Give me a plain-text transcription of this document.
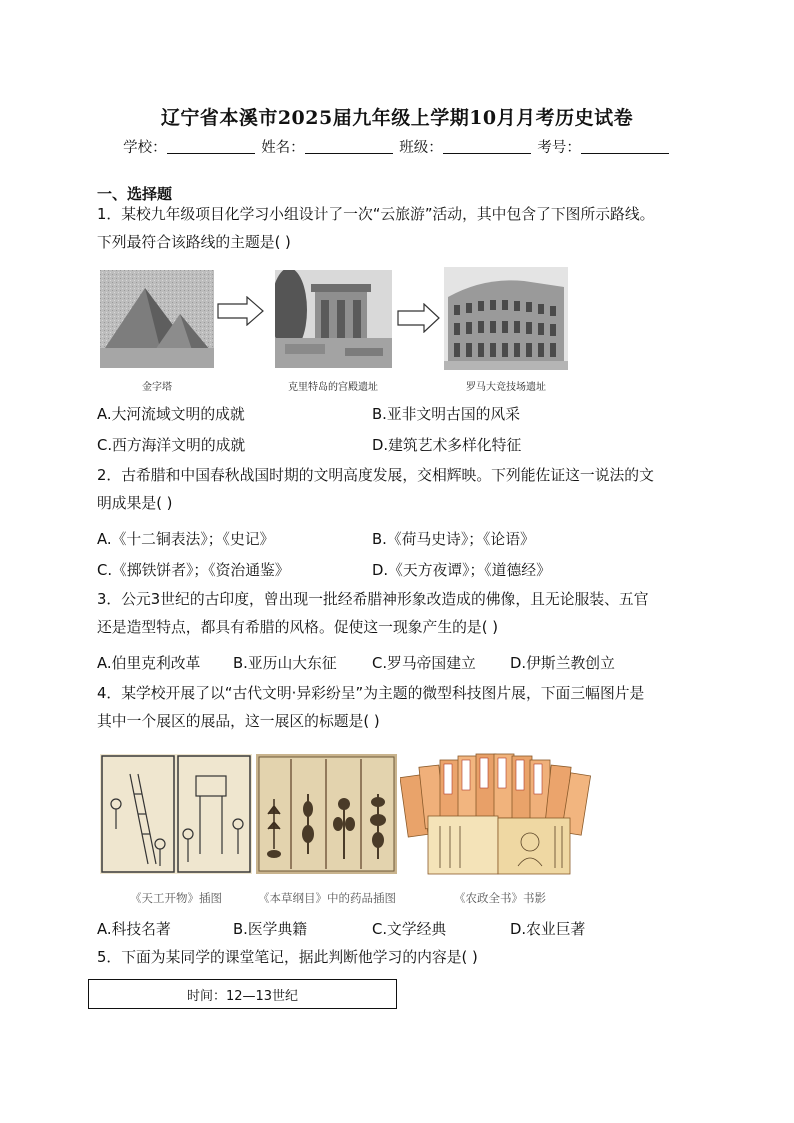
辽宁省本溪市2025届九年级上学期10月月考历史试卷
学校：	姓名：	班级：	考号：
一、选择题
1．某校九年级项目化学习小组设计了一次“云旅游”活动，其中包含了下图所示路线。
下列最符合该路线的主题是( )
金字塔	克里特岛的宫殿遗址	罗马大竞技场遗址
A.大河流域文明的成就	B.亚非文明古国的风采
C.西方海洋文明的成就	D.建筑艺术多样化特征
2．古希腊和中国春秋战国时期的文明高度发展，交相辉映。下列能佐证这一说法的文
明成果是( )
A.《十二铜表法》；《史记》	B.《荷马史诗》；《论语》
C.《掷铁饼者》；《资治通鉴》	D.《天方夜谭》；《道德经》
3．公元3世纪的古印度，曾出现一批经希腊神形象改造成的佛像，且无论服装、五官
还是造型特点，都具有希腊的风格。促使这一现象产生的是( )
A.伯里克利改革 B.亚历山大东征 C.罗马帝国建立 D.伊斯兰教创立
4．某学校开展了以“古代文明·异彩纷呈”为主题的微型科技图片展，下面三幅图片是
其中一个展区的展品，这一展区的标题是( )
《天工开物》插图	《本草纲目》中的药品插图	《农政全书》书影
A.科技名著	B.医学典籍	C.文学经典	D.农业巨著
5．下面为某同学的课堂笔记，据此判断他学习的内容是( )
时间：12—13世纪
